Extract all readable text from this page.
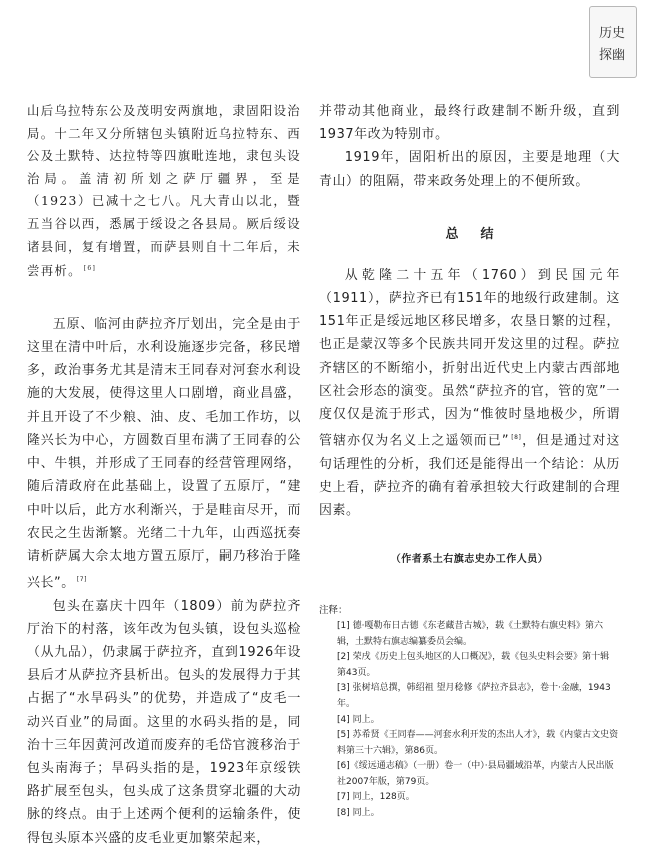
历史
探幽
山后乌拉特东公及茂明安两旗地，隶固阳设治局。十二年又分所辖包头镇附近乌拉特东、西公及土默特、达拉特等四旗毗连地，隶包头设治局。盖清初所划之萨厅疆界，至是（1923）已减十之七八。凡大青山以北，暨五当谷以西，悉属于绥设之各县局。厥后绥设诸县间，复有增置，而萨县则自十二年后，未尝再析。 [6]

五原、临河由萨拉齐厅划出，完全是由于这里在清中叶后，水利设施逐步完备，移民增多，政治事务尤其是清末王同春对河套水利设施的大发展，使得这里人口剧增，商业昌盛，并且开设了不少粮、油、皮、毛加工作坊，以隆兴长为中心，方圆数百里布满了王同春的公中、牛犋，并形成了王同春的经营管理网络，随后清政府在此基础上，设置了五原厅，“建中叶以后，此方水利渐兴，于是畦亩尽开，而农民之生齿渐繁。光绪二十九年，山西巡抚奏请析萨属大佘太地方置五原厅，嗣乃移治于隆兴长”。 [7]

包头在嘉庆十四年（1809）前为萨拉齐厅治下的村落，该年改为包头镇，设包头巡检（从九品），仍隶属于萨拉齐，直到1926年设县后才从萨拉齐县析出。包头的发展得力于其占据了“水旱码头”的优势，并造成了“皮毛一动兴百业”的局面。这里的水码头指的是，同治十三年因黄河改道而废弃的毛岱官渡移治于包头南海子；旱码头指的是，1923年京绥铁路扩展至包头，包头成了这条贯穿北疆的大动脉的终点。由于上述两个便利的运输条件，使得包头原本兴盛的皮毛业更加繁荣起来，

并带动其他商业，最终行政建制不断升级，直到1937年改为特别市。

1919年，固阳析出的原因，主要是地理（大青山）的阻隔，带来政务处理上的不便所致。

总结

从乾隆二十五年（1760）到民国元年（1911），萨拉齐已有151年的地级行政建制。这151年正是绥远地区移民增多，农垦日繁的过程，也正是蒙汉等多个民族共同开发这里的过程。萨拉齐辖区的不断缩小，折射出近代史上内蒙古西部地区社会形态的演变。虽然“萨拉齐的官，管的宽”一度仅仅是流于形式，因为“惟彼时垦地极少，所谓管辖亦仅为名义上之遥领而已” [8]，但是通过对这句话理性的分析，我们还是能得出一个结论：从历史上看，萨拉齐的确有着承担较大行政建制的合理因素。

（作者系土右旗志史办工作人员）
注释：
[1] 德·嘎勒布日古德《东老藏昔古城》，载《土默特右旗史料》第六辑，土默特右旗志编纂委员会编。
[2] 荣戌《历史上包头地区的人口概况》，载《包头史料会要》第十辑 第43页。
[3] 张树培总撰，韩绍祖 望月稔修《萨拉齐县志》，卷十·金融，1943年。
[4] 同上。
[5] 苏希贤《王同春——河套水利开发的杰出人才》，载《内蒙古文史资料第三十六辑》，第86页。
[6]《绥远通志稿》（一册）卷一（中）·县局疆域沿革，内蒙古人民出版社2007年版，第79页。
[7] 同上，128页。
[8] 同上。
